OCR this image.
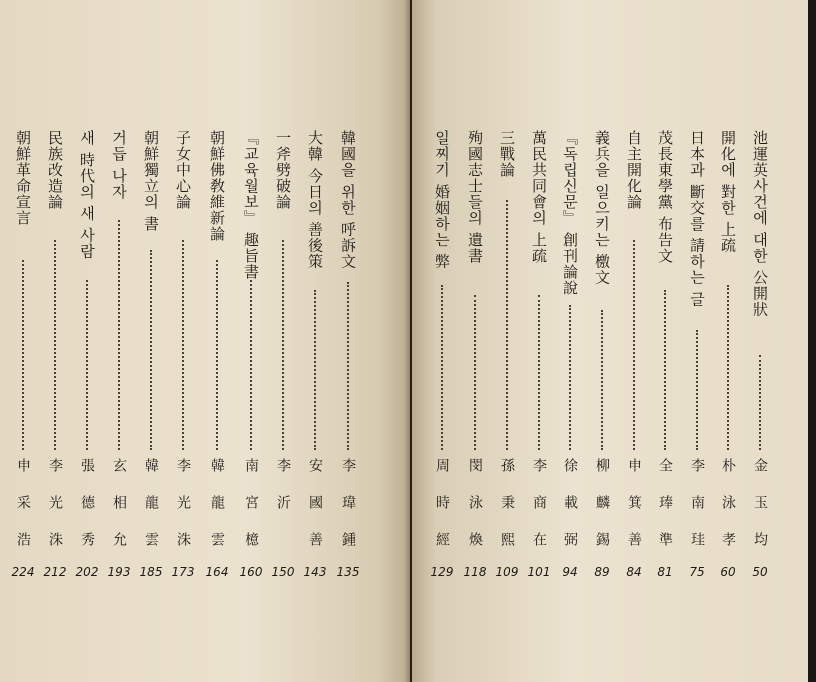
韓國을 위한 呼訴文
李瑋鍾
135
大韓 今日의 善後策
安國善
143
一斧劈破論
李沂
150
『교육월보』 趣旨書
南宮檍
160
朝鮮佛敎維新論
韓龍雲
164
子女中心論
李光洙
173
朝鮮獨立의 書
韓龍雲
185
거듭 나자
玄相允
193
새 時代의 새 사람
張德秀
202
民族改造論
李光洙
212
朝鮮革命宣言
申采浩
224
池運英사건에 대한 公開狀
金玉均
50
開化에 對한 上疏
朴泳孝
60
日本과 斷交를 請하는 글
李南珪
75
茂長東學黨 布告文
全琫準
81
自主開化論
申箕善
84
義兵을 일으키는 檄文
柳麟錫
89
『독립신문』 創刊論說
徐載弼
94
萬民共同會의 上疏
李商在
101
三戰論
孫秉熙
109
殉國志士들의 遺書
閔泳煥
118
일찌기 婚姻하는 弊
周時經
129
